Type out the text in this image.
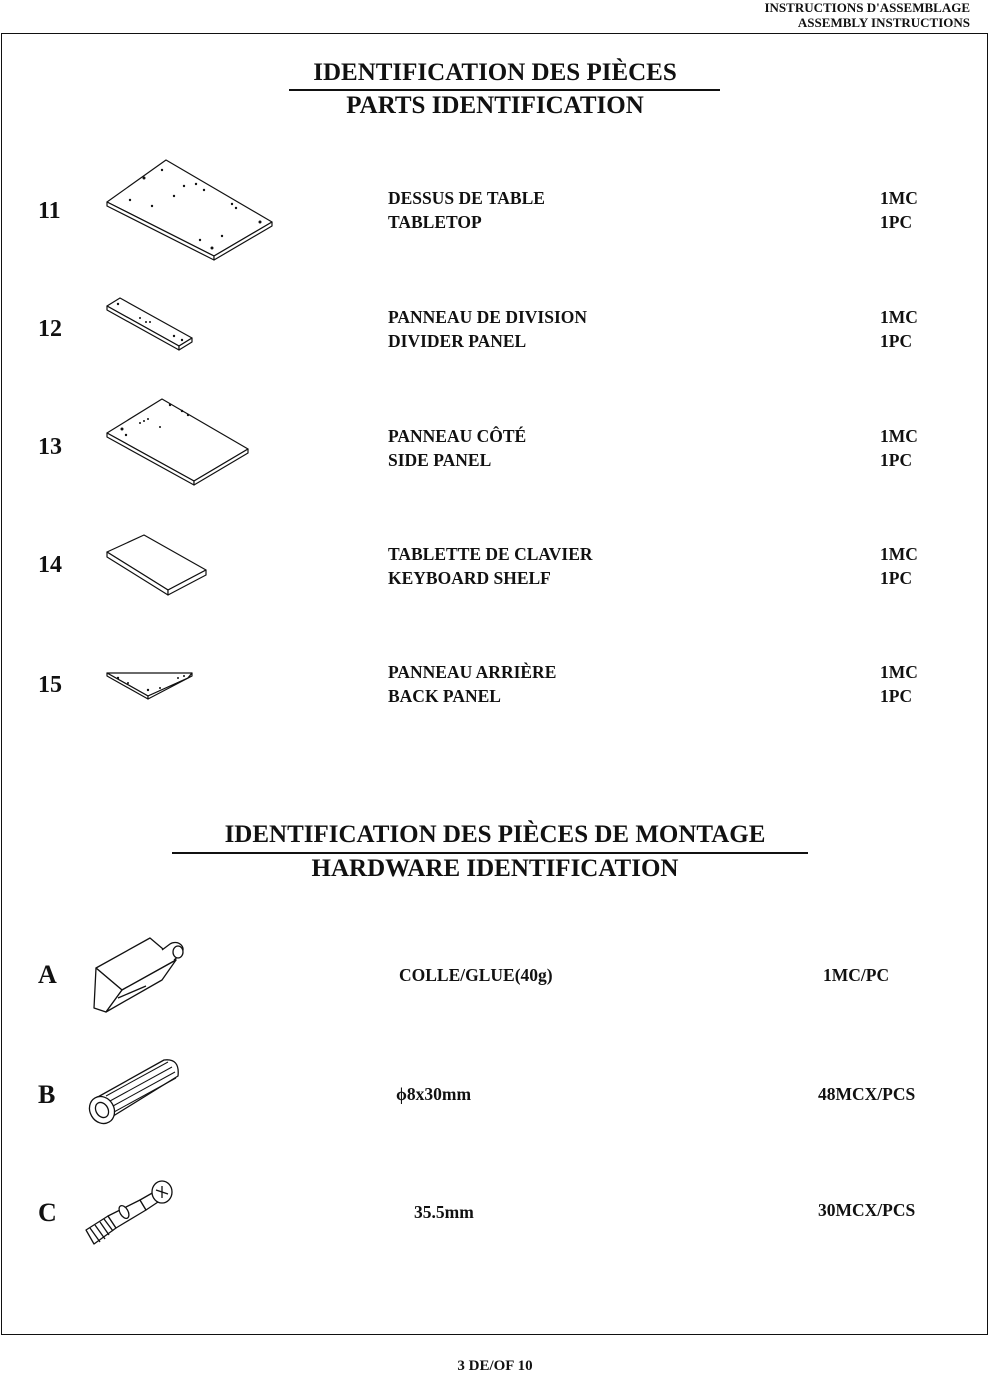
INSTRUCTIONS D'ASSEMBLAGE
ASSEMBLY INSTRUCTIONS
IDENTIFICATION DES PIÈCES
PARTS IDENTIFICATION
11	DESSUS DE TABLE
TABLETOP
1MC
1PC
12	PANNEAU DE DIVISION
DIVIDER PANEL
1MC
1PC
13	PANNEAU CÔTÉ
SIDE PANEL
1MC
1PC
14	TABLETTE DE CLAVIER
KEYBOARD SHELF
1MC
1PC
15	PANNEAU ARRIÈRE
BACK PANEL
1MC
1PC
IDENTIFICATION DES PIÈCES DE MONTAGE
HARDWARE IDENTIFICATION
A	COLLE/GLUE(40g)	1MC/PC
B	ϕ8x30mm	48MCX/PCS
C	35.5mm	30MCX/PCS
3 DE/OF 10
